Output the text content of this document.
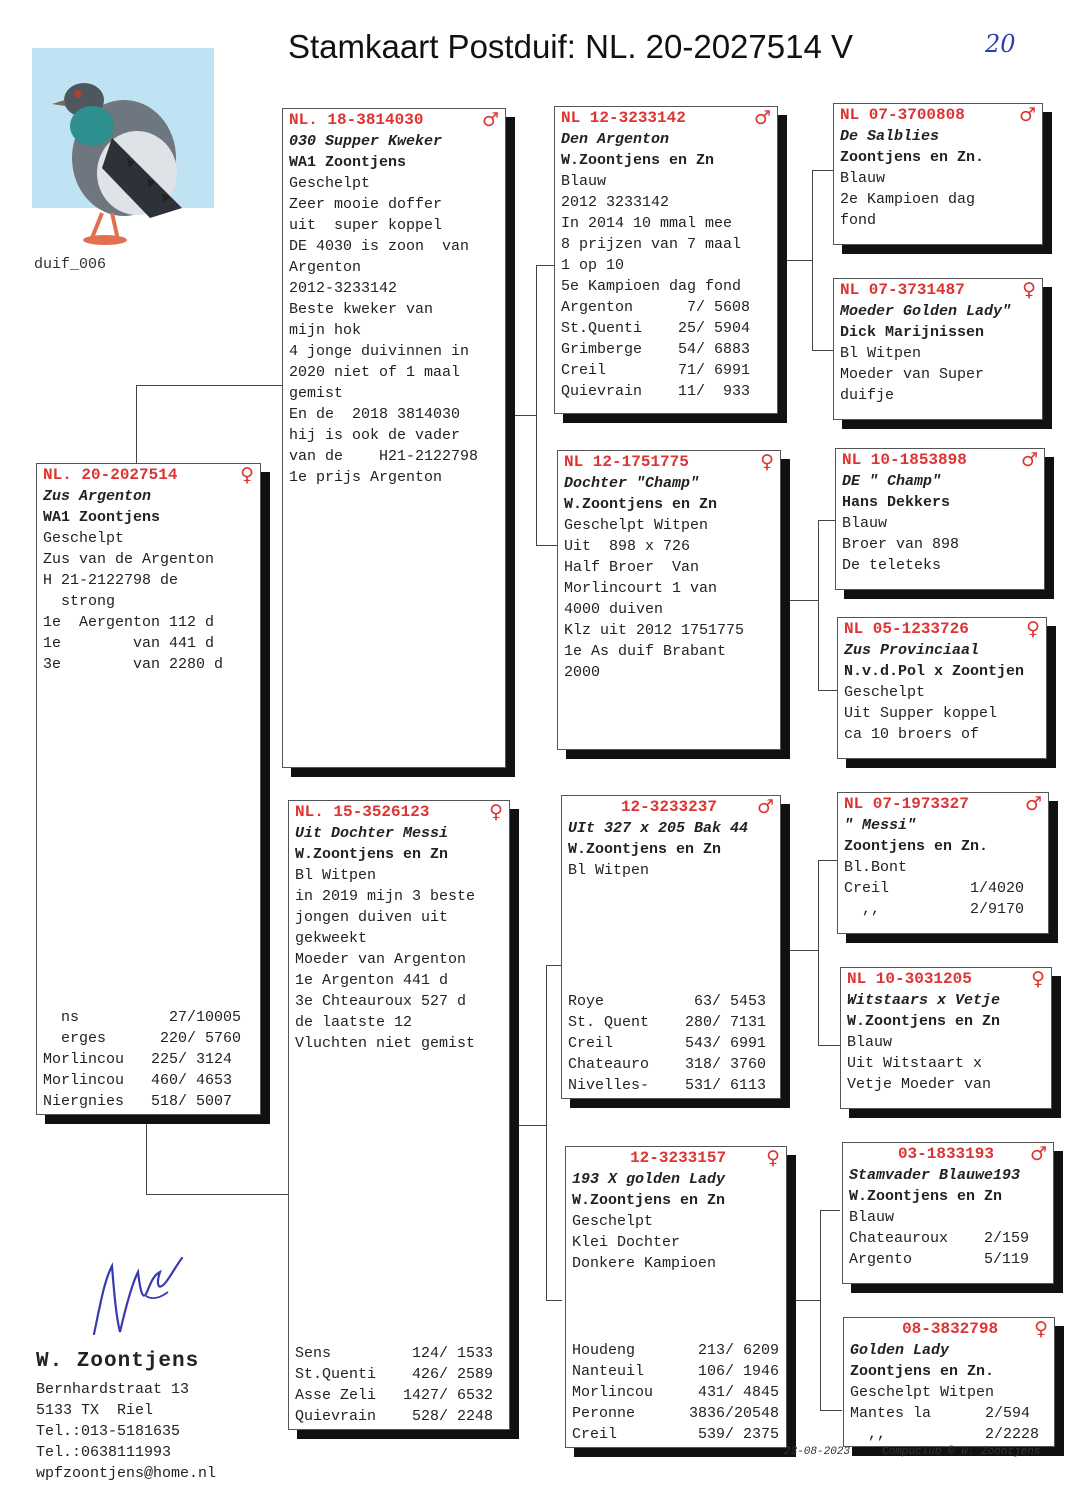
Stamkaart Postduif: NL. 20-2027514 V	20
duif_006
NL. 20-2027514	♀
Zus Argenton
WA1 Zoontjens
Geschelpt
Zus van de Argenton
H 21-2122798 de
strong
1e  Aergenton 112 d
1e        van 441 d
3e        van 2280 d
ns          27/10005
erges      220/ 5760
Morlincou   225/ 3124
Morlincou   460/ 4653
Niergnies   518/ 5007
NL. 18-3814030	♂
030 Supper Kweker
WA1 Zoontjens
Geschelpt
Zeer mooie doffer
uit  super koppel
DE 4030 is zoon  van
Argenton
2012-3233142
Beste kweker van
mijn hok
4 jonge duivinnen in
2020 niet of 1 maal
gemist
En de  2018 3814030
hij is ook de vader
van de    H21-2122798
1e prijs Argenton
NL. 15-3526123	♀
Uit Dochter Messi
W.Zoontjens en Zn
Bl Witpen
in 2019 mijn 3 beste
jongen duiven uit
gekweekt
Moeder van Argenton
1e Argenton 441 d
3e Chteauroux 527 d
de laatste 12
Vluchten niet gemist
Sens         124/ 1533
St.Quenti    426/ 2589
Asse Zeli   1427/ 6532
Quievrain    528/ 2248
NL 12-3233142	♂
Den Argenton
W.Zoontjens en Zn
Blauw
2012 3233142
In 2014 10 mmal mee
8 prijzen van 7 maal
1 op 10
5e Kampioen dag fond
Argenton      7/ 5608
St.Quenti    25/ 5904
Grimberge    54/ 6883
Creil        71/ 6991
Quievrain    11/  933
NL 12-1751775	♀
Dochter "Champ"
W.Zoontjens en Zn
Geschelpt Witpen
Uit  898 x 726
Half Broer  Van
Morlincourt 1 van
4000 duiven
Klz uit 2012 1751775
1e As duif Brabant
2000
12-3233237 ♂
UIt 327 x 205 Bak 44
W.Zoontjens en Zn
Bl Witpen
Roye          63/ 5453
St. Quent    280/ 7131
Creil        543/ 6991
Chateauro    318/ 3760
Nivelles-    531/ 6113
12-3233157 ♀
193 X golden Lady
W.Zoontjens en Zn
Geschelpt
Klei Dochter
Donkere Kampioen
Houdeng       213/ 6209
Nanteuil      106/ 1946
Morlincou     431/ 4845
Peronne      3836/20548
Creil         539/ 2375
NL 07-3700808	♂
De Salblies
Zoontjens en Zn.
Blauw
2e Kampioen dag
fond
NL 07-3731487	♀
Moeder Golden Lady"
Dick Marijnissen
Bl Witpen
Moeder van Super
duifje
NL 10-1853898	♂
DE " Champ"
Hans Dekkers
Blauw
Broer van 898
De teleteks
NL 05-1233726	♀
Zus Provinciaal
N.v.d.Pol x Zoontjen
Geschelpt
Uit Supper koppel
ca 10 broers of
NL 07-1973327	♂
" Messi"
Zoontjens en Zn.
Bl.Bont
Creil         1/4020
,,          2/9170
NL 10-3031205	♀
Witstaars x Vetje
W.Zoontjens en Zn
Blauw
Uit Witstaart x
Vetje Moeder van
03-1833193 ♂
Stamvader Blauwe193
W.Zoontjens en Zn
Blauw
Chateauroux    2/159
Argento        5/119
08-3832798 ♀
Golden Lady
Zoontjens en Zn.
Geschelpt Witpen
Mantes la      2/594
,,           2/2228
W. Zoontjens
Bernhardstraat 13
5133 TX  Riel
Tel.:013-5181635
Tel.:0638111993
wpfzoontjens@home.nl
23-08-2023	Compuclub © W. Zoontjens
